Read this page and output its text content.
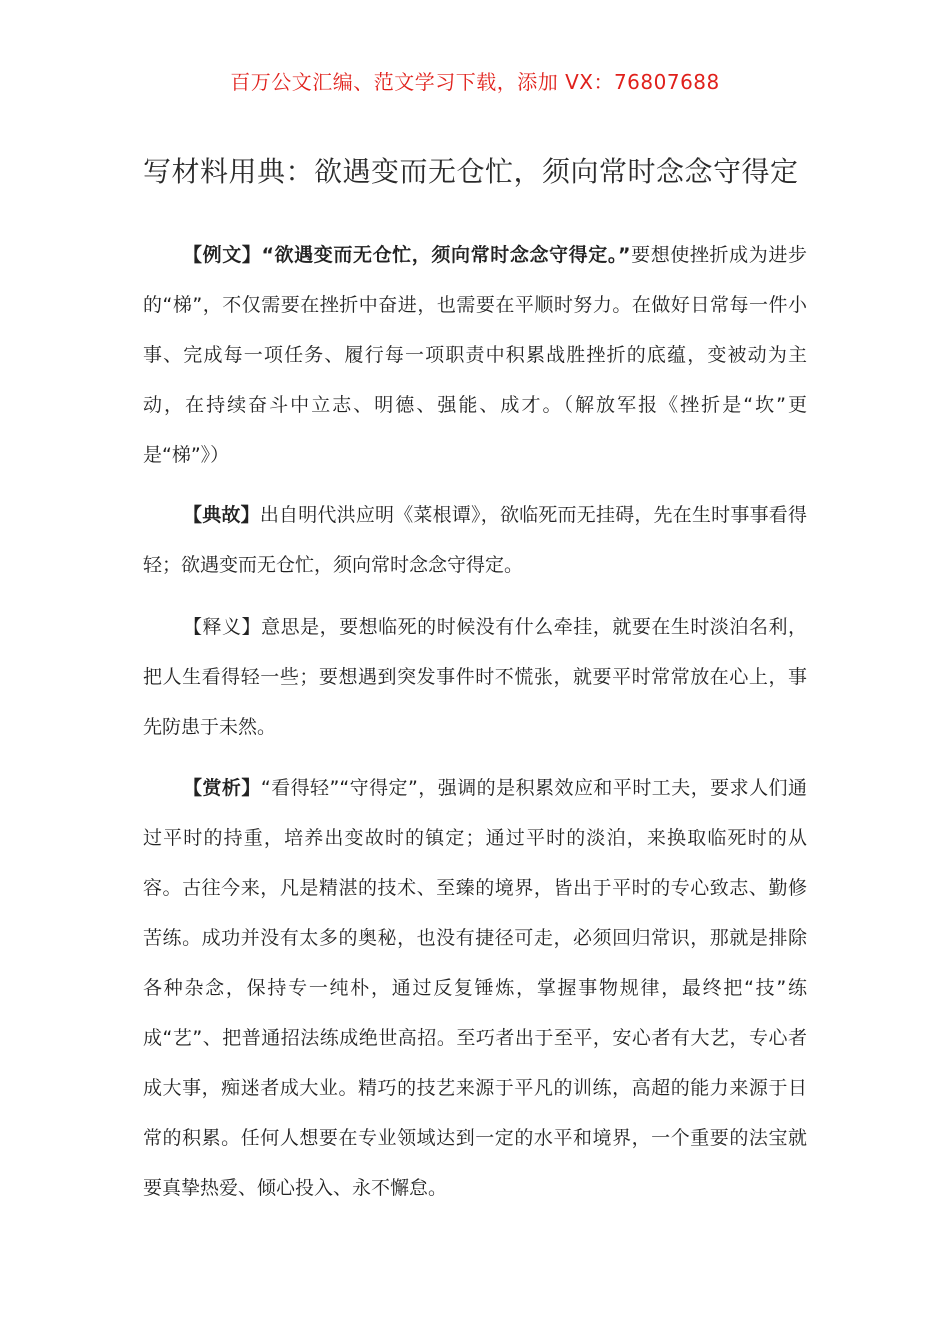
百万公文汇编、范文学习下载，添加 VX：76807688
写材料用典：欲遇变而无仓忙，须向常时念念守得定

【例文】“欲遇变而无仓忙，须向常时念念守得定。”要想使挫折成为进步的“梯”，不仅需要在挫折中奋进，也需要在平顺时努力。在做好日常每一件小事、完成每一项任务、履行每一项职责中积累战胜挫折的底蕴，变被动为主动，在持续奋斗中立志、明德、强能、成才。（解放军报《挫折是“坎”更是“梯”》）

【典故】出自明代洪应明《菜根谭》，欲临死而无挂碍，先在生时事事看得轻；欲遇变而无仓忙，须向常时念念守得定。

【释义】意思是，要想临死的时候没有什么牵挂，就要在生时淡泊名利，把人生看得轻一些；要想遇到突发事件时不慌张，就要平时常常放在心上，事先防患于未然。

【赏析】“看得轻”“守得定”，强调的是积累效应和平时工夫，要求人们通过平时的持重，培养出变故时的镇定；通过平时的淡泊，来换取临死时的从容。古往今来，凡是精湛的技术、至臻的境界，皆出于平时的专心致志、勤修苦练。成功并没有太多的奥秘，也没有捷径可走，必须回归常识，那就是排除各种杂念，保持专一纯朴，通过反复锤炼，掌握事物规律，最终把“技”练成“艺”、把普通招法练成绝世高招。至巧者出于至平，安心者有大艺，专心者成大事，痴迷者成大业。精巧的技艺来源于平凡的训练，高超的能力来源于日常的积累。任何人想要在专业领域达到一定的水平和境界，一个重要的法宝就要真挚热爱、倾心投入、永不懈怠。
